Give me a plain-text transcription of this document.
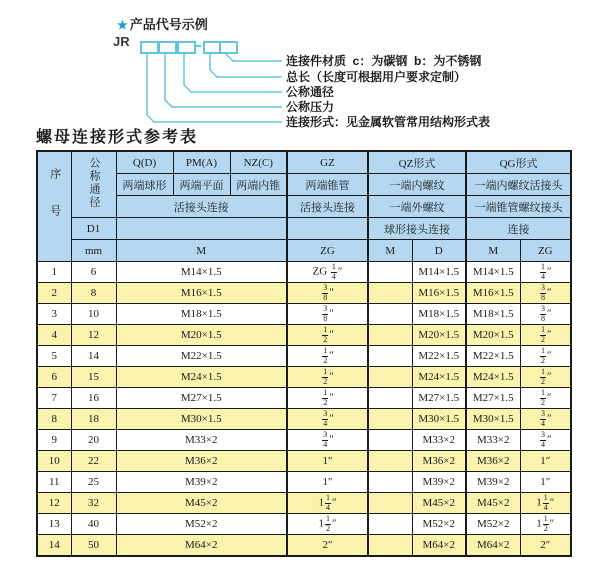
★ 产品代号示例
JR
连接件材质  c：为碳钢  b：为不锈钢
总长（长度可根据用户要求定制）
公称通径
公称压力
连接形式：见金属软管常用结构形式表
螺母连接形式参考表
序号	公称通径	Q(D)	PM(A)	NZ(C)	GZ	QZ形式		QG形式	
		两端球形	两端平面	两端内锥	两端锥管	一端内螺纹		一端内螺纹活接头	
		活接头连接			活接头连接	一端外螺纹		一端锥管螺纹接头	
	D1					球形接头连接		连接	
	mm	M			ZG	M	D	M	ZG
1	6	M14×1.5			ZG $\frac{1}{4}$ ″		M14×1.5	M14×1.5	$\frac{1}{4}$ ″
2	8	M16×1.5			$\frac{3}{8}$ ″		M16×1.5	M16×1.5	$\frac{3}{8}$ ″
3	10	M18×1.5			$\frac{3}{8}$ ″		M18×1.5	M18×1.5	$\frac{3}{8}$ ″
4	12	M20×1.5			$\frac{1}{2}$ ″		M20×1.5	M20×1.5	$\frac{1}{2}$ ″
5	14	M22×1.5			$\frac{1}{2}$ ″		M22×1.5	M22×1.5	$\frac{1}{2}$ ″
6	15	M24×1.5			$\frac{1}{2}$ ″		M24×1.5	M24×1.5	$\frac{1}{2}$ ″
7	16	M27×1.5			$\frac{1}{2}$ ″		M27×1.5	M27×1.5	$\frac{1}{2}$ ″
8	18	M30×1.5			$\frac{3}{4}$ ″		M30×1.5	M30×1.5	$\frac{3}{4}$ ″
9	20	M33×2			$\frac{3}{4}$ ″		M33×2	M33×2	$\frac{3}{4}$ ″
10	22	M36×2			1″		M36×2	M36×2	1″
11	25	M39×2			1″		M39×2	M39×2	1″
12	32	M45×2			$1 \frac{1}{4}$ ″		M45×2	M45×2	$1 \frac{1}{4}$ ″
13	40	M52×2			$1 \frac{1}{2}$ ″		M52×2	M52×2	$1 \frac{1}{2}$ ″
14	50	M64×2			2″		M64×2	M64×2	2″
